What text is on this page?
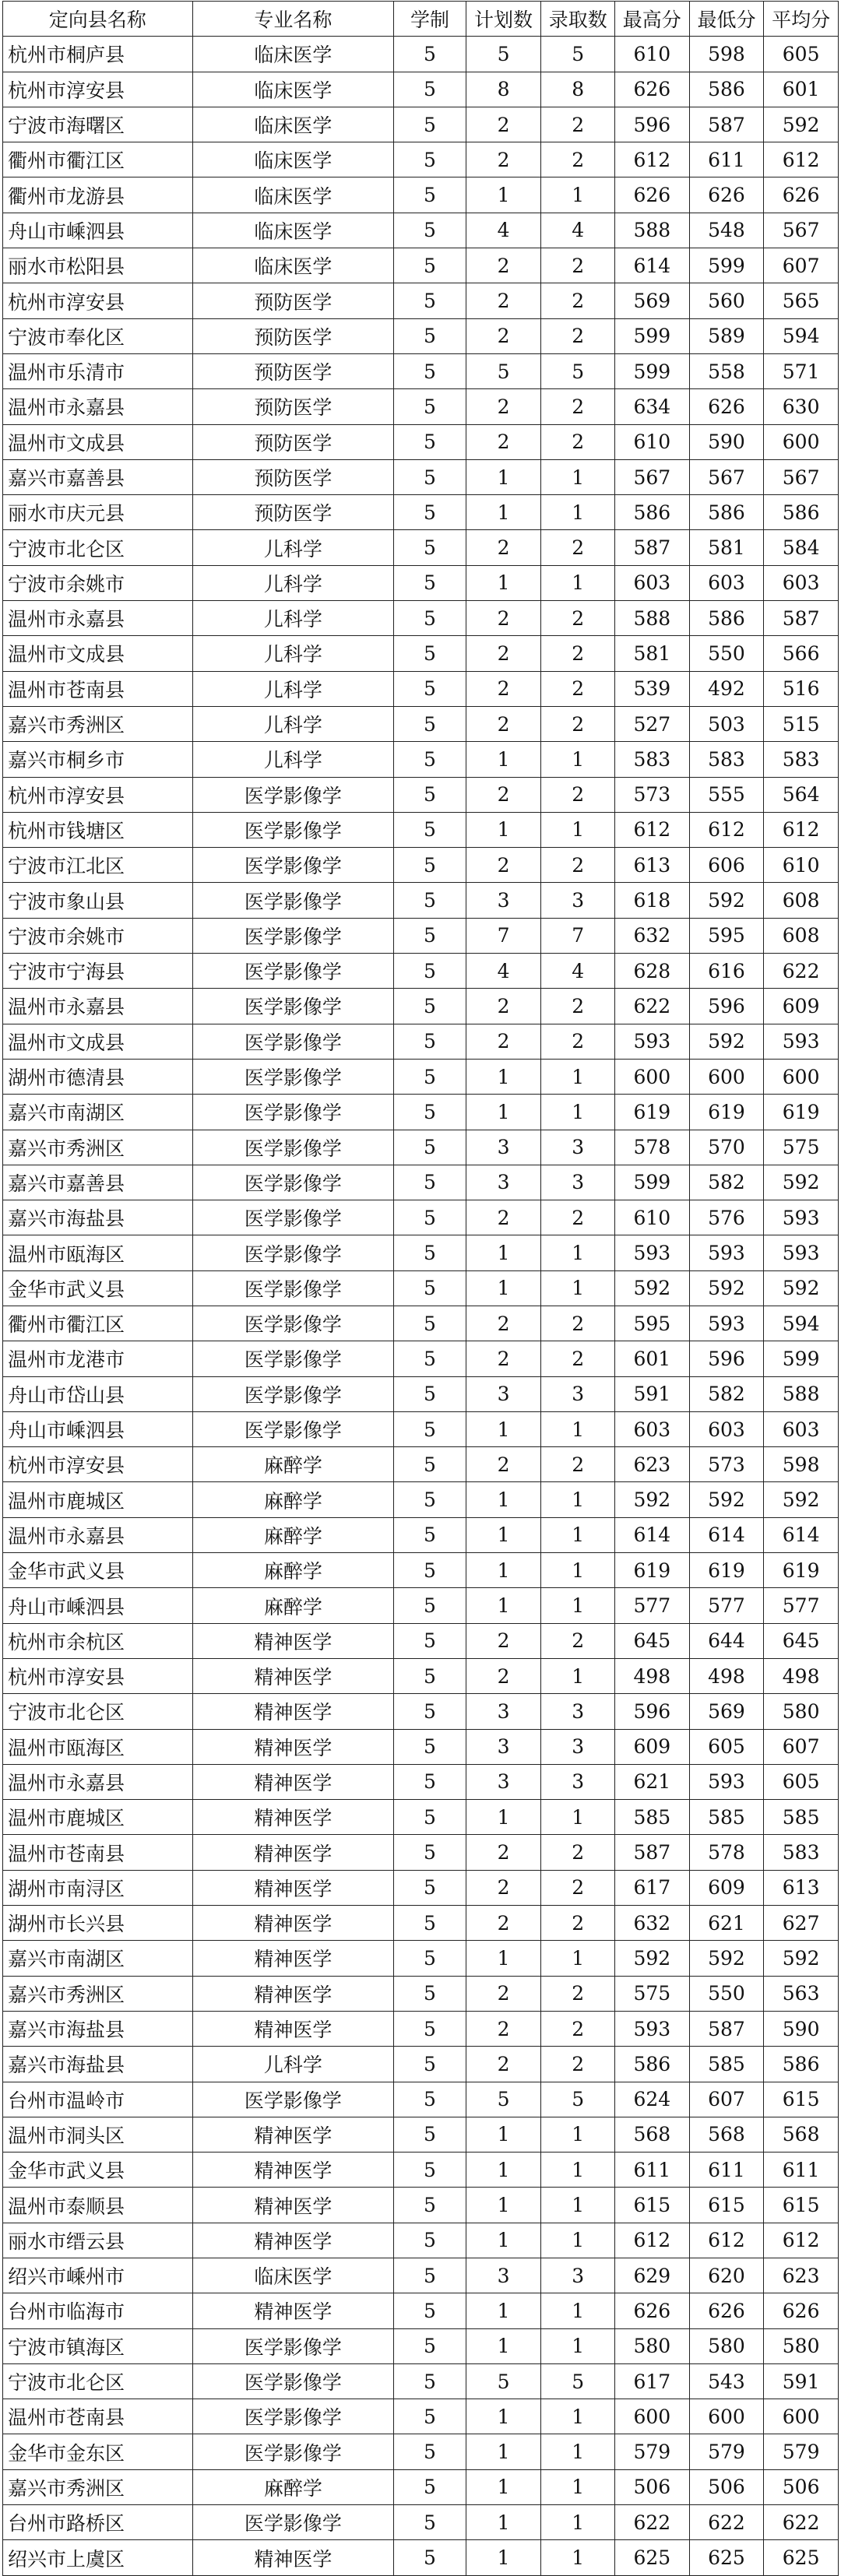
定向县名称	专业名称	学制	计划数	录取数	最高分	最低分	平均分
杭州市桐庐县	临床医学	5	5	5	610	598	605
杭州市淳安县	临床医学	5	8	8	626	586	601
宁波市海曙区	临床医学	5	2	2	596	587	592
衢州市衢江区	临床医学	5	2	2	612	611	612
衢州市龙游县	临床医学	5	1	1	626	626	626
舟山市嵊泗县	临床医学	5	4	4	588	548	567
丽水市松阳县	临床医学	5	2	2	614	599	607
杭州市淳安县	预防医学	5	2	2	569	560	565
宁波市奉化区	预防医学	5	2	2	599	589	594
温州市乐清市	预防医学	5	5	5	599	558	571
温州市永嘉县	预防医学	5	2	2	634	626	630
温州市文成县	预防医学	5	2	2	610	590	600
嘉兴市嘉善县	预防医学	5	1	1	567	567	567
丽水市庆元县	预防医学	5	1	1	586	586	586
宁波市北仑区	儿科学	5	2	2	587	581	584
宁波市余姚市	儿科学	5	1	1	603	603	603
温州市永嘉县	儿科学	5	2	2	588	586	587
温州市文成县	儿科学	5	2	2	581	550	566
温州市苍南县	儿科学	5	2	2	539	492	516
嘉兴市秀洲区	儿科学	5	2	2	527	503	515
嘉兴市桐乡市	儿科学	5	1	1	583	583	583
杭州市淳安县	医学影像学	5	2	2	573	555	564
杭州市钱塘区	医学影像学	5	1	1	612	612	612
宁波市江北区	医学影像学	5	2	2	613	606	610
宁波市象山县	医学影像学	5	3	3	618	592	608
宁波市余姚市	医学影像学	5	7	7	632	595	608
宁波市宁海县	医学影像学	5	4	4	628	616	622
温州市永嘉县	医学影像学	5	2	2	622	596	609
温州市文成县	医学影像学	5	2	2	593	592	593
湖州市德清县	医学影像学	5	1	1	600	600	600
嘉兴市南湖区	医学影像学	5	1	1	619	619	619
嘉兴市秀洲区	医学影像学	5	3	3	578	570	575
嘉兴市嘉善县	医学影像学	5	3	3	599	582	592
嘉兴市海盐县	医学影像学	5	2	2	610	576	593
温州市瓯海区	医学影像学	5	1	1	593	593	593
金华市武义县	医学影像学	5	1	1	592	592	592
衢州市衢江区	医学影像学	5	2	2	595	593	594
温州市龙港市	医学影像学	5	2	2	601	596	599
舟山市岱山县	医学影像学	5	3	3	591	582	588
舟山市嵊泗县	医学影像学	5	1	1	603	603	603
杭州市淳安县	麻醉学	5	2	2	623	573	598
温州市鹿城区	麻醉学	5	1	1	592	592	592
温州市永嘉县	麻醉学	5	1	1	614	614	614
金华市武义县	麻醉学	5	1	1	619	619	619
舟山市嵊泗县	麻醉学	5	1	1	577	577	577
杭州市余杭区	精神医学	5	2	2	645	644	645
杭州市淳安县	精神医学	5	2	1	498	498	498
宁波市北仑区	精神医学	5	3	3	596	569	580
温州市瓯海区	精神医学	5	3	3	609	605	607
温州市永嘉县	精神医学	5	3	3	621	593	605
温州市鹿城区	精神医学	5	1	1	585	585	585
温州市苍南县	精神医学	5	2	2	587	578	583
湖州市南浔区	精神医学	5	2	2	617	609	613
湖州市长兴县	精神医学	5	2	2	632	621	627
嘉兴市南湖区	精神医学	5	1	1	592	592	592
嘉兴市秀洲区	精神医学	5	2	2	575	550	563
嘉兴市海盐县	精神医学	5	2	2	593	587	590
嘉兴市海盐县	儿科学	5	2	2	586	585	586
台州市温岭市	医学影像学	5	5	5	624	607	615
温州市洞头区	精神医学	5	1	1	568	568	568
金华市武义县	精神医学	5	1	1	611	611	611
温州市泰顺县	精神医学	5	1	1	615	615	615
丽水市缙云县	精神医学	5	1	1	612	612	612
绍兴市嵊州市	临床医学	5	3	3	629	620	623
台州市临海市	精神医学	5	1	1	626	626	626
宁波市镇海区	医学影像学	5	1	1	580	580	580
宁波市北仑区	医学影像学	5	5	5	617	543	591
温州市苍南县	医学影像学	5	1	1	600	600	600
金华市金东区	医学影像学	5	1	1	579	579	579
嘉兴市秀洲区	麻醉学	5	1	1	506	506	506
台州市路桥区	医学影像学	5	1	1	622	622	622
绍兴市上虞区	精神医学	5	1	1	625	625	625
